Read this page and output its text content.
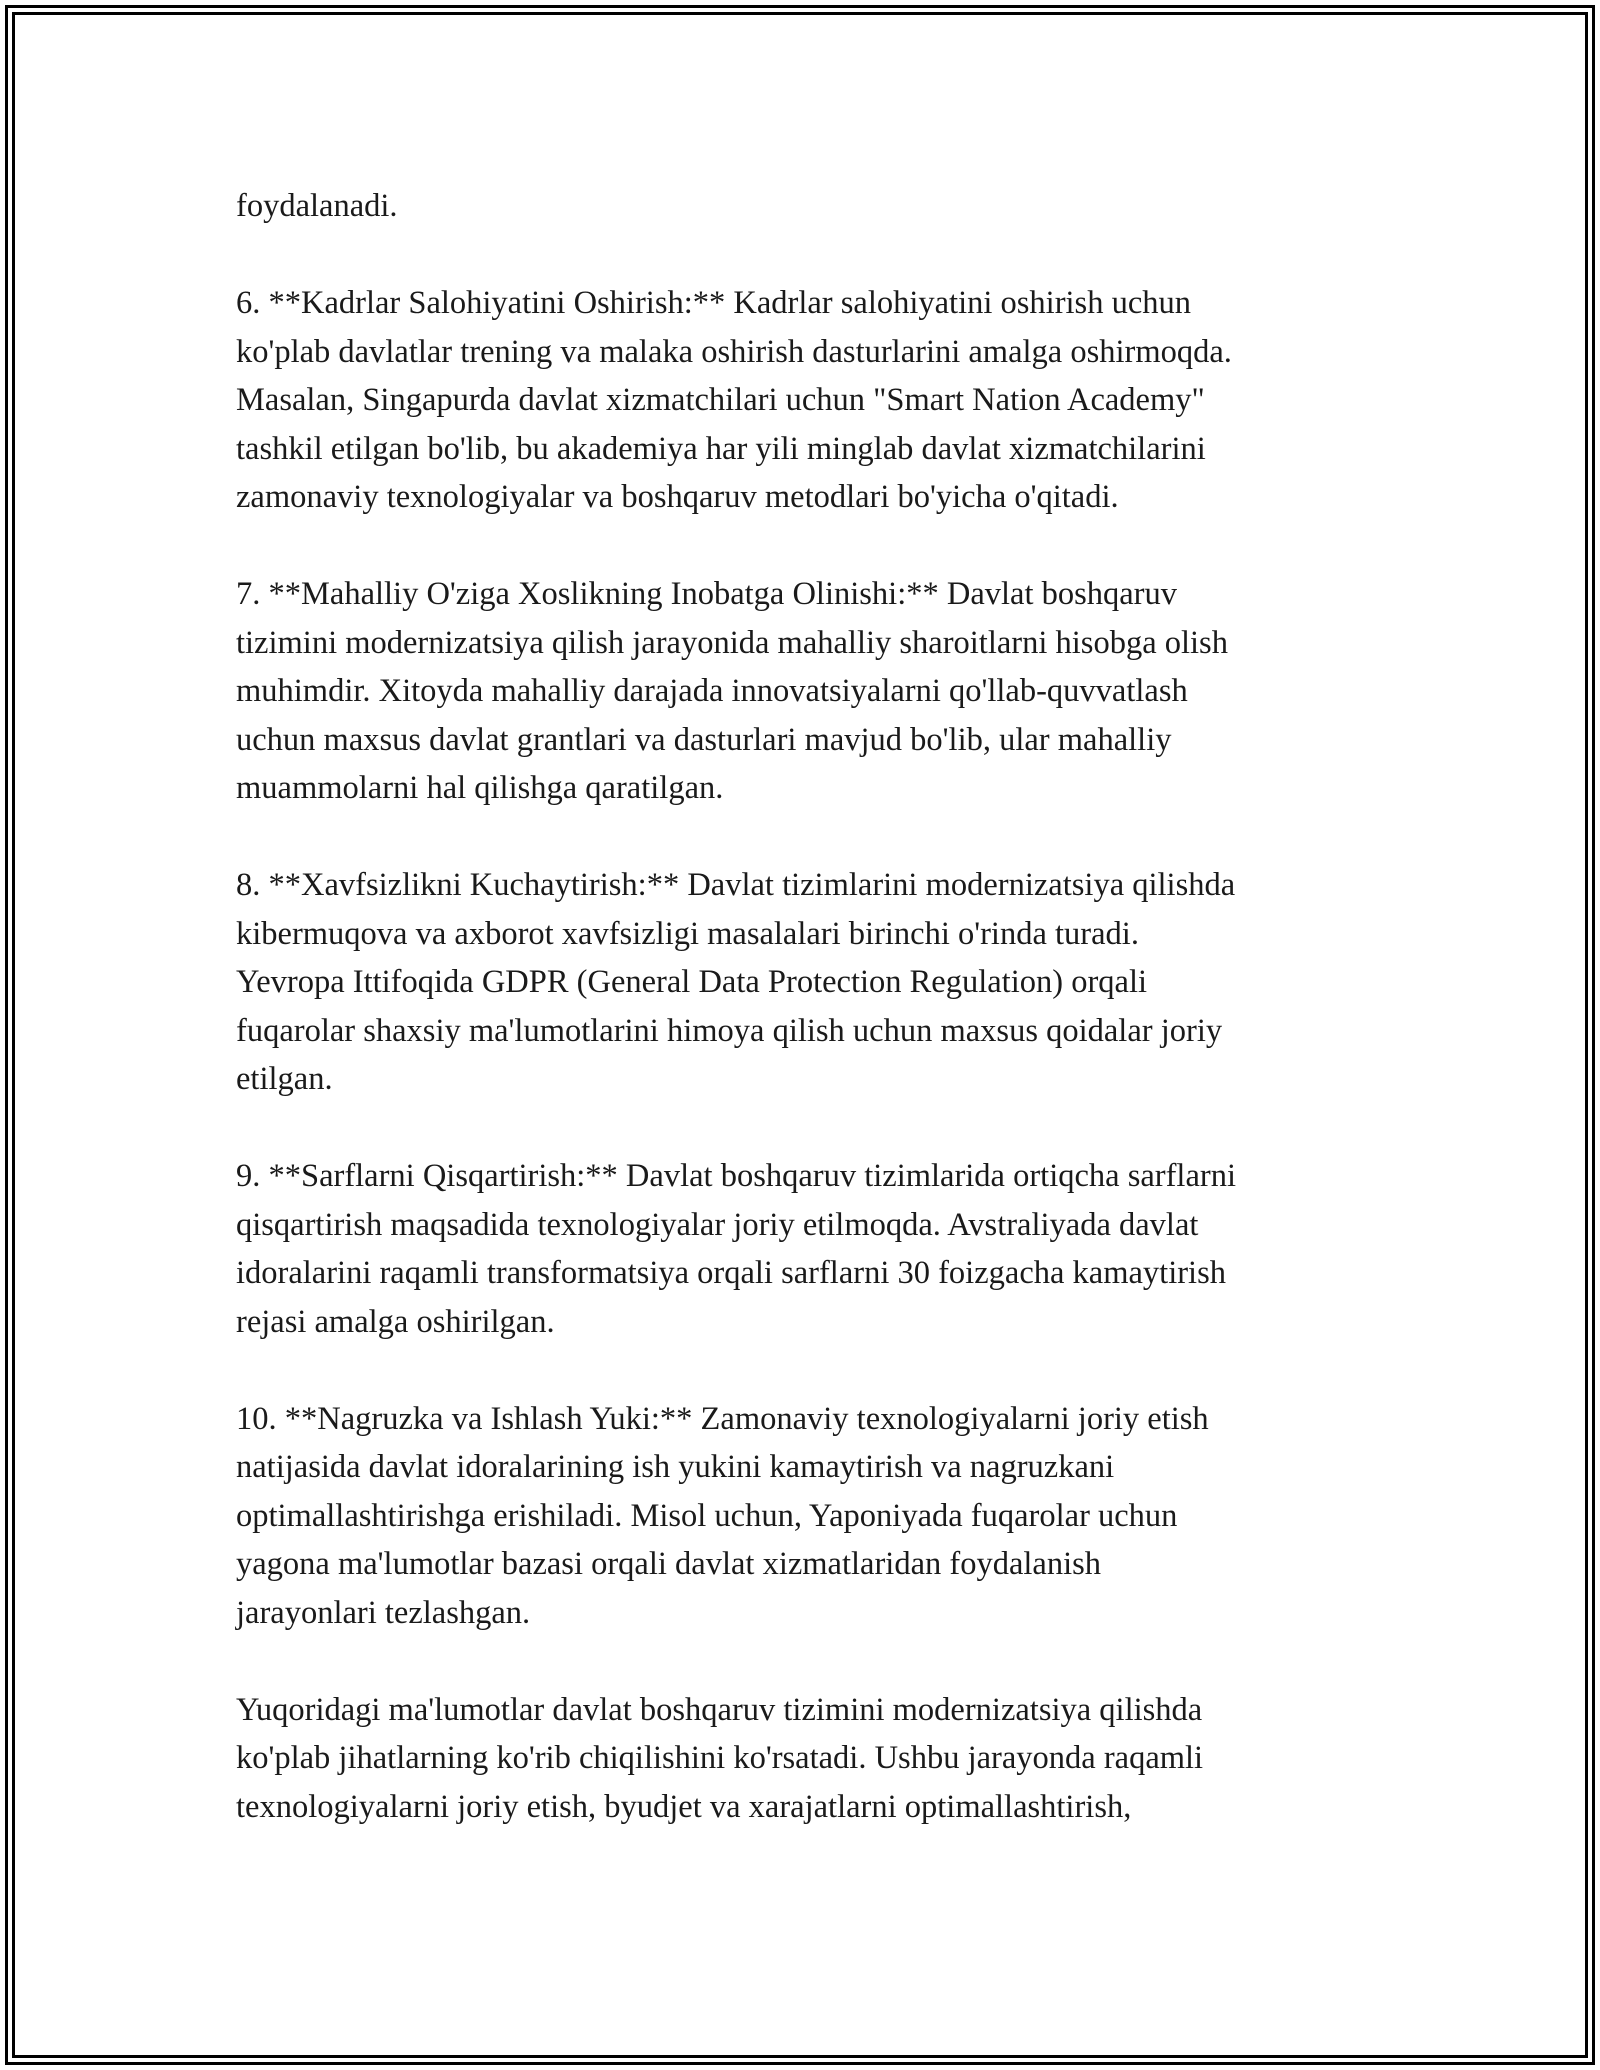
foydalanadi.

6. **Kadrlar Salohiyatini Oshirish:** Kadrlar salohiyatini oshirish uchun
ko'plab davlatlar trening va malaka oshirish dasturlarini amalga oshirmoqda.
Masalan, Singapurda davlat xizmatchilari uchun "Smart Nation Academy"
tashkil etilgan bo'lib, bu akademiya har yili minglab davlat xizmatchilarini
zamonaviy texnologiyalar va boshqaruv metodlari bo'yicha o'qitadi.

7. **Mahalliy O'ziga Xoslikning Inobatga Olinishi:** Davlat boshqaruv
tizimini modernizatsiya qilish jarayonida mahalliy sharoitlarni hisobga olish
muhimdir. Xitoyda mahalliy darajada innovatsiyalarni qo'llab-quvvatlash
uchun maxsus davlat grantlari va dasturlari mavjud bo'lib, ular mahalliy
muammolarni hal qilishga qaratilgan.

8. **Xavfsizlikni Kuchaytirish:** Davlat tizimlarini modernizatsiya qilishda
kibermuqova va axborot xavfsizligi masalalari birinchi o'rinda turadi.
Yevropa Ittifoqida GDPR (General Data Protection Regulation) orqali
fuqarolar shaxsiy ma'lumotlarini himoya qilish uchun maxsus qoidalar joriy
etilgan.

9. **Sarflarni Qisqartirish:** Davlat boshqaruv tizimlarida ortiqcha sarflarni
qisqartirish maqsadida texnologiyalar joriy etilmoqda. Avstraliyada davlat
idoralarini raqamli transformatsiya orqali sarflarni 30 foizgacha kamaytirish
rejasi amalga oshirilgan.

10. **Nagruzka va Ishlash Yuki:** Zamonaviy texnologiyalarni joriy etish
natijasida davlat idoralarining ish yukini kamaytirish va nagruzkani
optimallashtirishga erishiladi. Misol uchun, Yaponiyada fuqarolar uchun
yagona ma'lumotlar bazasi orqali davlat xizmatlaridan foydalanish
jarayonlari tezlashgan.

Yuqoridagi ma'lumotlar davlat boshqaruv tizimini modernizatsiya qilishda
ko'plab jihatlarning ko'rib chiqilishini ko'rsatadi. Ushbu jarayonda raqamli
texnologiyalarni joriy etish, byudjet va xarajatlarni optimallashtirish,
